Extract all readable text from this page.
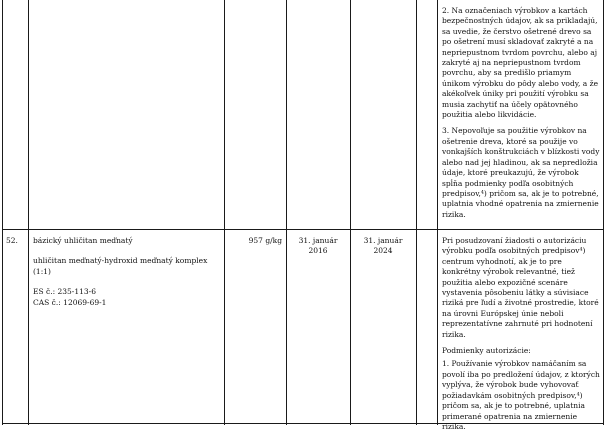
2. Na označeniach výrobkov a kartách bezpečnostných údajov, ak sa prikladajú, sa uvedie, že čerstvo ošetrené drevo sa po ošetrení musí skladovať zakryté a na nepriepustnom tvrdom povrchu, alebo aj zakryté aj na nepriepustnom tvrdom povrchu, aby sa predišlo priamym únikom výrobku do pôdy alebo vody, a že akékoľvek úniky pri použití výrobku sa musia zachytiť na účely opätovného použitia alebo likvidácie.

3. Nepovoľuje sa použitie výrobkov na ošetrenie dreva, ktoré sa použije vo vonkajších konštrukciách v blízkosti vody alebo nad jej hladinou, ak sa nepredložia údaje, ktoré preukazujú, že výrobok spĺňa podmienky podľa osobitných predpisov,⁴) pričom sa, ak je to potrebné, uplatnia vhodné opatrenia na zmiernenie rizika.

52.	bázický uhličitan meďnatý

uhličitan meďnatý-hydroxid meďnatý komplex (1:1)

ES č.: 235-113-6

CAS č.: 12069-69-1

957 g/kg	31. január 2016
31. január 2024

Pri posudzovaní žiadosti o autorizáciu výrobku podľa osobitných predpisov⁴) centrum vyhodnotí, ak je to pre konkrétny výrobok relevantné, tiež použitia alebo expozičné scenáre vystavenia pôsobeniu látky a súvisiace riziká pre ľudí a životné prostredie, ktoré na úrovni Európskej únie neboli reprezentatívne zahrnuté pri hodnotení rizika.

Podmienky autorizácie:

1. Používanie výrobkov namáčaním sa povolí iba po predložení údajov, z ktorých vyplýva, že výrobok bude vyhovovať požiadavkám osobitných predpisov,⁴) pričom sa, ak je to potrebné, uplatnia primerané opatrenia na zmiernenie rizika.
